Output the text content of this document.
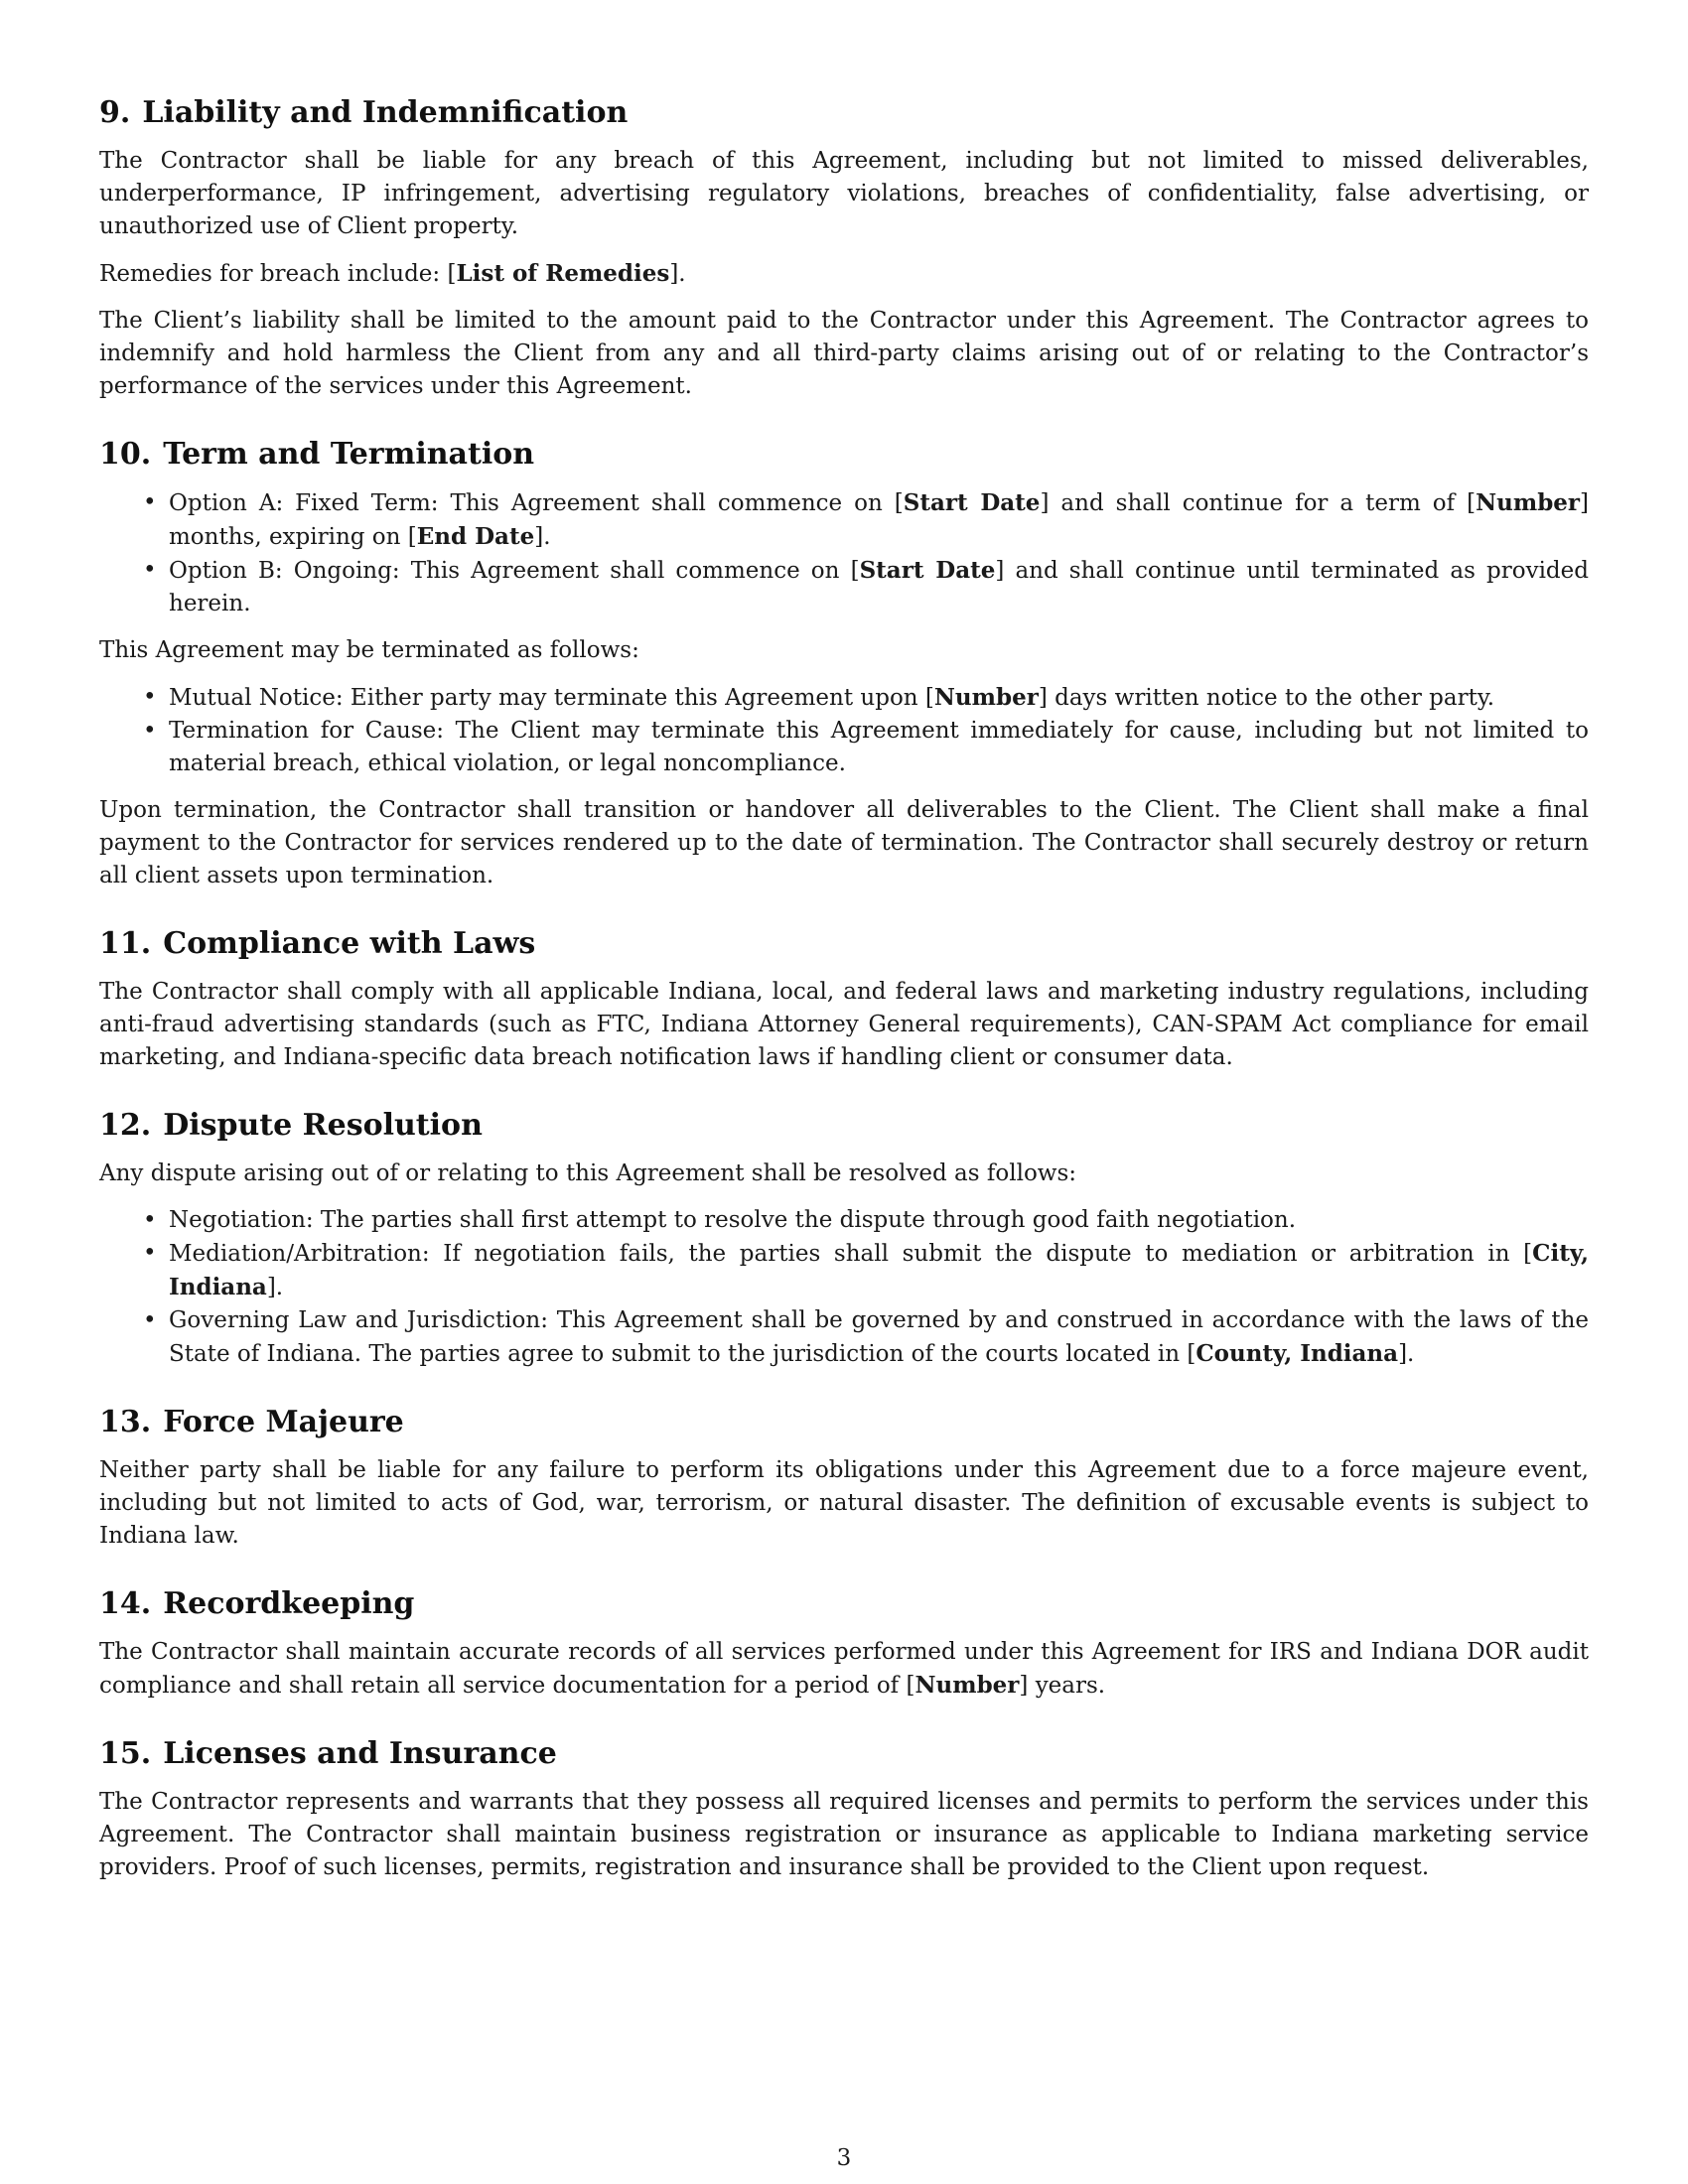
9. Liability and Indemnification

The Contractor shall be liable for any breach of this Agreement, including but not limited to missed deliverables, underperformance, IP infringement, advertising regulatory violations, breaches of confidentiality, false advertising, or unauthorized use of Client property.

Remedies for breach include: [List of Remedies].

The Client’s liability shall be limited to the amount paid to the Contractor under this Agreement. The Contractor agrees to indemnify and hold harmless the Client from any and all third-party claims arising out of or relating to the Contractor’s performance of the services under this Agreement.

10. Term and Termination
• Option A: Fixed Term: This Agreement shall commence on [Start Date] and shall continue for a term of [Number] months, expiring on [End Date].
• Option B: Ongoing: This Agreement shall commence on [Start Date] and shall continue until terminated as provided herein.

This Agreement may be terminated as follows:

• Mutual Notice: Either party may terminate this Agreement upon [Number] days written notice to the other party.
• Termination for Cause: The Client may terminate this Agreement immediately for cause, including but not limited to material breach, ethical violation, or legal noncompliance.

Upon termination, the Contractor shall transition or handover all deliverables to the Client. The Client shall make a final payment to the Contractor for services rendered up to the date of termination. The Contractor shall securely destroy or return all client assets upon termination.

11. Compliance with Laws

The Contractor shall comply with all applicable Indiana, local, and federal laws and marketing industry regulations, including anti-fraud advertising standards (such as FTC, Indiana Attorney General requirements), CAN-SPAM Act compliance for email marketing, and Indiana-specific data breach notification laws if handling client or consumer data.

12. Dispute Resolution

Any dispute arising out of or relating to this Agreement shall be resolved as follows:

• Negotiation: The parties shall first attempt to resolve the dispute through good faith negotiation.
• Mediation/Arbitration: If negotiation fails, the parties shall submit the dispute to mediation or arbitration in [City, Indiana].
• Governing Law and Jurisdiction: This Agreement shall be governed by and construed in accordance with the laws of the State of Indiana. The parties agree to submit to the jurisdiction of the courts located in [County, Indiana].
13. Force Majeure

Neither party shall be liable for any failure to perform its obligations under this Agreement due to a force majeure event, including but not limited to acts of God, war, terrorism, or natural disaster. The definition of excusable events is subject to Indiana law.

14. Recordkeeping

The Contractor shall maintain accurate records of all services performed under this Agreement for IRS and Indiana DOR audit compliance and shall retain all service documentation for a period of [Number] years.

15. Licenses and Insurance

The Contractor represents and warrants that they possess all required licenses and permits to perform the services under this Agreement. The Contractor shall maintain business registration or insurance as applicable to Indiana marketing service providers. Proof of such licenses, permits, registration and insurance shall be provided to the Client upon request.

3
